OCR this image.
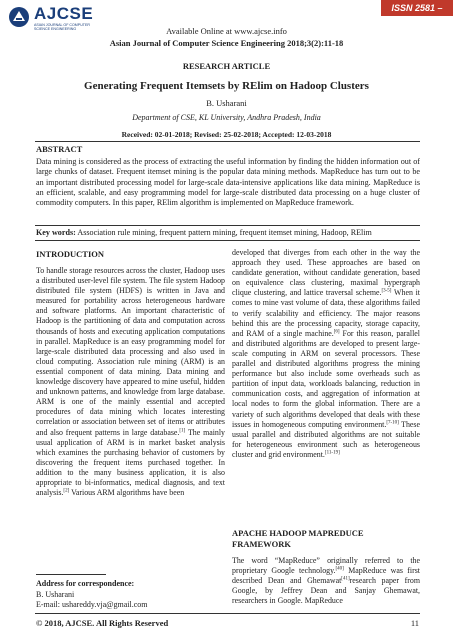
AJCSE
ASIAN JOURNAL OF COMPUTER SCIENCE ENGINEERING
ISSN 2581 – 3781
Available Online at www.ajcse.info
Asian Journal of Computer Science Engineering 2018;3(2):11-18
RESEARCH ARTICLE
Generating Frequent Itemsets by RElim on Hadoop Clusters
B. Usharani
Department of CSE, KL University, Andhra Pradesh, India
Received: 02-01-2018; Revised: 25-02-2018; Accepted: 12-03-2018
ABSTRACT
Data mining is considered as the process of extracting the useful information by finding the hidden information out of large chunks of dataset. Frequent itemset mining is the popular data mining methods. MapReduce has turn out to be an important distributed processing model for large-scale data-intensive applications like data mining. MapReduce is an efficient, scalable, and easy programming model for large-scale distributed data processing on a huge cluster of commodity computers. In this paper, RElim algorithm is implemented on MapReduce framework.
Key words: Association rule mining, frequent pattern mining, frequent itemset mining, Hadoop, RElim
INTRODUCTION
To handle storage resources across the cluster, Hadoop uses a distributed user-level file system. The file system Hadoop distributed file system (HDFS) is written in Java and measured for portability across heterogeneous hardware and software platforms. An important characteristic of Hadoop is the partitioning of data and computation across thousands of hosts and executing application computations in parallel. MapReduce is an easy programming model for large-scale distributed data processing and also used in cloud computing. Association rule mining (ARM) is an essential component of data mining. Data mining and knowledge discovery have appeared to mine useful, hidden and unknown patterns, and knowledge from large database. ARM is one of the mainly essential and accepted procedures of data mining which locates interesting correlation or association between set of items or attributes and also frequent patterns in large database.[1] The mainly usual application of ARM is in market basket analysis which examines the purchasing behavior of customers by discovering the frequent items purchased together. In addition to the many business application, it is also appropriate to bi-informatics, medical diagnosis, and text analysis.[2] Various ARM algorithms have been
developed that diverges from each other in the way the approach they used. These approaches are based on candidate generation, without candidate generation, based on equivalence class clustering, maximal hypergraph clique clustering, and lattice traversal scheme.[3-5] When it comes to mine vast volume of data, these algorithms failed to verify scalability and efficiency. The major reasons behind this are the processing capacity, storage capacity, and RAM of a single machine.[6] For this reason, parallel and distributed algorithms are developed to present large-scale computing in ARM on several processors. These parallel and distributed algorithms progress the mining performance but also include some overheads such as partition of input data, workloads balancing, reduction in communication costs, and aggregation of information at local nodes to form the global information. There are a variety of such algorithms developed that deals with these issues in homogeneous computing environment.[7-10] These usual parallel and distributed algorithms are not suitable for heterogeneous environment such as heterogeneous cluster and grid environment.[11-19]
APACHE HADOOP MAPREDUCE FRAMEWORK
The word “MapReduce” originally referred to the proprietary Google technology.[40] MapReduce was first described Dean and Ghemawat[41]research paper from Google, by Jeffrey Dean and Sanjay Ghemawat, researchers in Google. MapReduce
Address for correspondence:
B. Usharani
E-mail: ushareddy.vja@gmail.com
© 2018, AJCSE. All Rights Reserved	11
